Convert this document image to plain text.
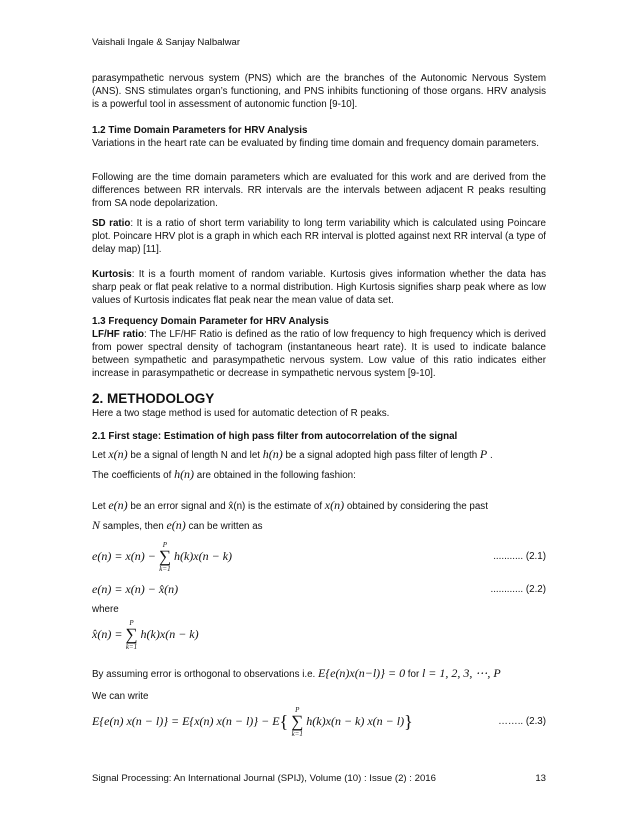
Vaishali Ingale & Sanjay Nalbalwar

parasympathetic nervous system (PNS) which are the branches of the Autonomic Nervous System (ANS). SNS stimulates organ’s functioning, and PNS inhibits functioning of those organs. HRV analysis is a powerful tool in assessment of autonomic function [9-10].

1.2 Time Domain Parameters for HRV Analysis

Variations in the heart rate can be evaluated by finding time domain and frequency domain parameters.

Following are the time domain parameters which are evaluated for this work and are derived from the differences between RR intervals. RR intervals are the intervals between adjacent R peaks resulting from SA node depolarization.

SD ratio: It is a ratio of short term variability to long term variability which is calculated using Poincare plot. Poincare HRV plot is a graph in which each RR interval is plotted against next RR interval (a type of delay map) [11].

Kurtosis: It is a fourth moment of random variable. Kurtosis gives information whether the data has sharp peak or flat peak relative to a normal distribution. High Kurtosis signifies sharp peak where as low values of Kurtosis indicates flat peak near the mean value of data set.

1.3 Frequency Domain Parameter for HRV Analysis

LF/HF ratio: The LF/HF Ratio is defined as the ratio of low frequency to high frequency which is derived from power spectral density of tachogram (instantaneous heart rate). It is used to indicate balance between sympathetic and parasympathetic nervous system. Low value of this ratio indicates either increase in parasympathetic or decrease in sympathetic nervous system [9-10].

2. METHODOLOGY

Here a two stage method is used for automatic detection of R peaks.

2.1 First stage: Estimation of high pass filter from autocorrelation of the signal

Let x(n) be a signal of length N and let h(n) be a signal adopted high pass filter of length P .
The coefficients of h(n) are obtained in the following fashion:
Let e(n) be an error signal and x̂(n) is the estimate of x(n) obtained by considering the past
N samples, then e(n) can be written as
e(n) = x(n) −
P
∑
k=1
h(k)x(n − k)	........... (2.1)
e(n) = x(n) − x̂(n)	............ (2.2)
where
x̂(n) =
P
∑
k=1
h(k)x(n − k)
By assuming error is orthogonal to observations i.e. E{e(n)x(n−l)} = 0 for l = 1, 2, 3, ⋯, P
We can write
E{e(n) x(n − l)} = E{x(n) x(n − l)} − E{
P
∑
k=1
h(k)x(n − k) x(n − l)}	…….. (2.3)
Signal Processing: An International Journal (SPIJ), Volume (10) : Issue (2) : 2016	13
